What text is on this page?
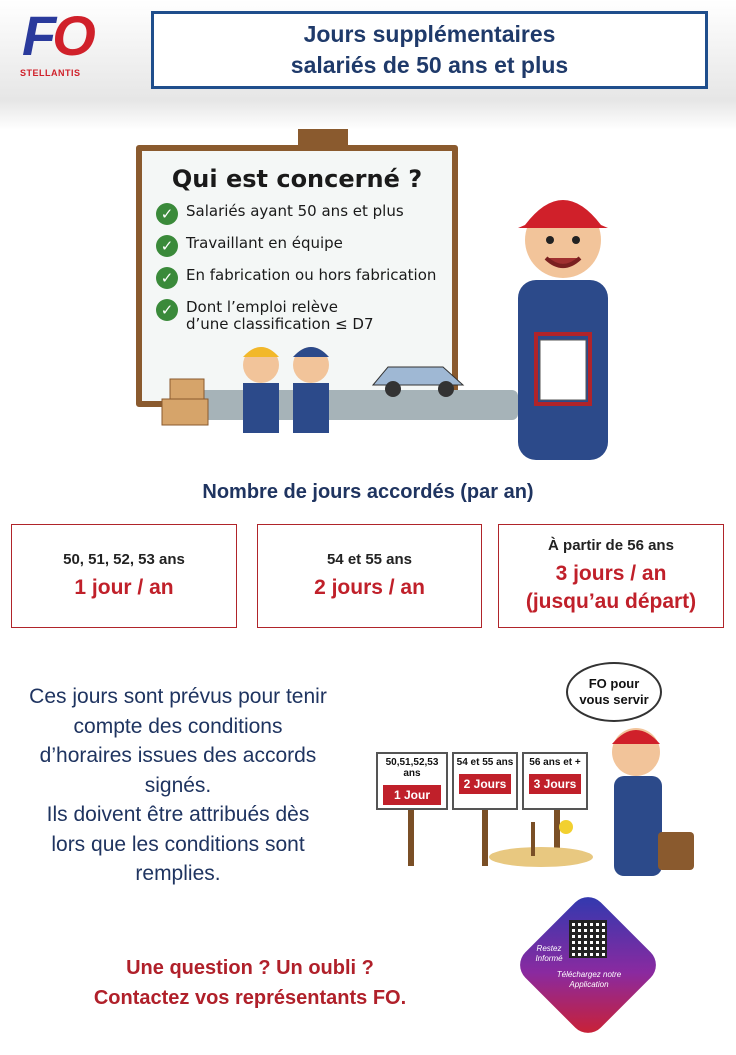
FO
STELLANTIS
Jours supplémentaires
salariés de 50 ans et plus
Qui est concerné ?
✓ Salariés ayant 50 ans et plus
✓ Travaillant en équipe
✓ En fabrication ou hors fabrication
✓ Dont l’emploi relève
d’une classification ≤ D7
Nombre de jours accordés (par an)
50, 51, 52, 53 ans
1 jour / an
54 et 55 ans
2 jours / an
À partir de 56 ans
3 jours / an
(jusqu’au départ)
Ces jours sont prévus pour tenir
compte des conditions
d’horaires issues des accords
signés.
Ils doivent être attribués dès
lors que les conditions sont
remplies.
FO pour
vous servir
50,51,52,53 ans
1 Jour
54 et 55 ans
2 Jours
56 ans et +
3 Jours
Une question ? Un oubli ?
Contactez vos représentants FO.
Restez
Informé
Téléchargez notre
Application
